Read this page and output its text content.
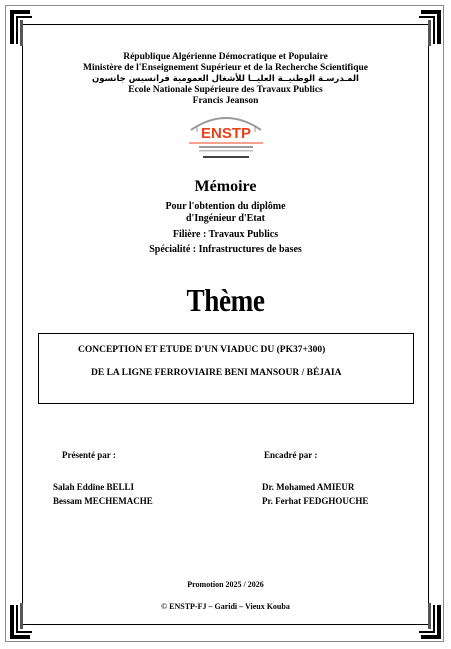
République Algérienne Démocratique et Populaire
Ministère de l'Enseignement Supérieur et de la Recherche Scientifique
المـدرسـة الوطنيــة العليــا للأشغال العمومية فرانسيس جانسون
Ecole Nationale Supérieure des Travaux Publics
Francis Jeanson
ENSTP
Mémoire
Pour l'obtention du diplôme
d'Ingénieur d'Etat
Filière : Travaux Publics
Spécialité : Infrastructures de bases
Thème
CONCEPTION ET ETUDE D'UN VIADUC DU (PK37+300)
DE LA LIGNE FERROVIAIRE BENI MANSOUR / BÉJAIA
Présenté par :	Encadré par :
Salah Eddine BELLI
Bessam MECHEMACHE
Dr. Mohamed AMIEUR
Pr. Ferhat FEDGHOUCHE
Promotion 2025 / 2026
© ENSTP-FJ – Garidi – Vieux Kouba
